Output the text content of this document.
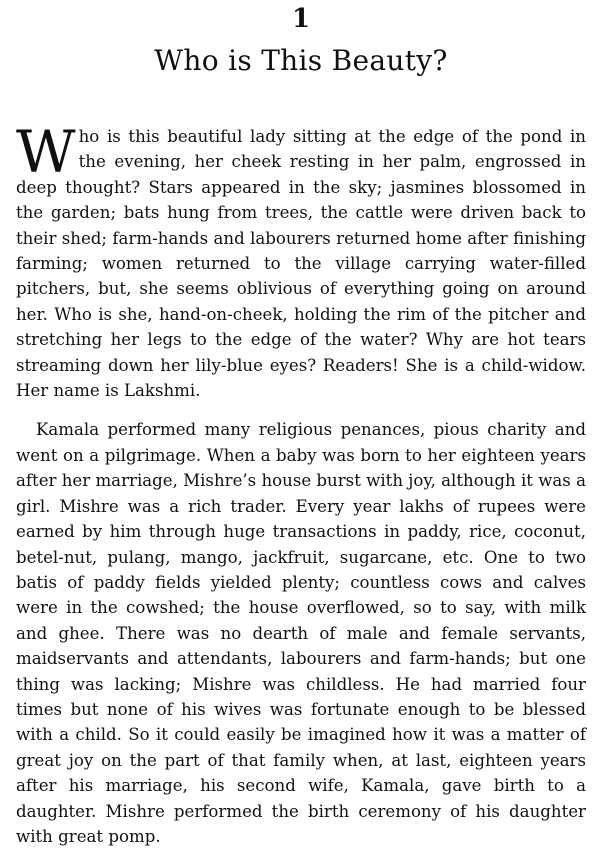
1
Who is This Beauty?

Who is this beautiful lady sitting at the edge of the pond in the evening, her cheek resting in her palm, engrossed in deep thought? Stars appeared in the sky; jasmines blossomed in the garden; bats hung from trees, the cattle were driven back to their shed; farm-hands and labourers returned home after finishing farming; women returned to the village carrying water-filled pitchers, but, she seems oblivious of everything going on around her. Who is she, hand-on-cheek, holding the rim of the pitcher and stretching her legs to the edge of the water? Why are hot tears streaming down her lily-blue eyes? Readers! She is a child-widow. Her name is Lakshmi.

Kamala performed many religious penances, pious charity and went on a pilgrimage. When a baby was born to her eighteen years after her marriage, Mishre’s house burst with joy, although it was a girl. Mishre was a rich trader. Every year lakhs of rupees were earned by him through huge transactions in paddy, rice, coconut, betel-nut, pulang, mango, jackfruit, sugarcane, etc. One to two batis of paddy fields yielded plenty; countless cows and calves were in the cowshed; the house overflowed, so to say, with milk and ghee. There was no dearth of male and female servants, maidservants and attendants, labourers and farm-hands; but one thing was lacking; Mishre was childless. He had married four times but none of his wives was fortunate enough to be blessed with a child. So it could easily be imagined how it was a matter of great joy on the part of that family when, at last, eighteen years after his marriage, his second wife, Kamala, gave birth to a daughter. Mishre performed the birth ceremony of his daughter with great pomp.
